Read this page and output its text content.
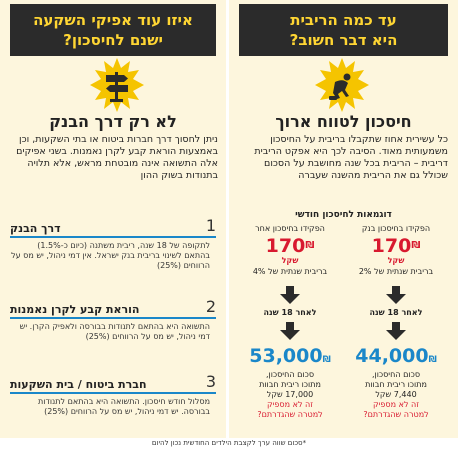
עד כמה הריבית
היא דבר חשוב?
חיסכון לטווח ארוך
כל עשירית אחוז שתקבלו בריבית על החיסכון משמעותית מאוד. הסיבה לכך היא אפקט הריבית דריבית – הריבית בכל שנה מחושבת על הסכום שכולל גם את הריבית מהשנה שעברה
דוגמאות לחיסכון חודשי
הפקידו בחיסכון בנק
170₪
שקל
בריבית שנתית של 2%
לאחר 18 שנה
44,000₪
סכום החיסכון,
מתוכו ריבית חבוות
7,440 שקל
זה לא מספיק
למטרה שהגדרתם?
הפקידו בחיסכון אחר
170₪
שקל
בריבית שנתית של 4%
לאחר 18 שנה
53,000₪
סכום החיסכון,
מתוכו ריבית חבוות
17,000 שקל
זה לא מספיק
למטרה שהגדרתם?
איזו עוד אפיקי השקעה
ישנם לחיסכון?
לא רק דרך הבנק
ניתן לחסוך דרך חברות ביטוח או בתי השקעות, וכן באמצעות הוראת קבע לקרן נאמנות. בשני אפיקים אלה התשואה אינה מובטחת מראש, אלא תלויה בתנודות בשוק ההון
1
דרך הבנק
לתקופה של 18 שנה, ריבית משתנה (כיום כ-1.5%) בהתאם לשינוי בריבית בנק ישראל. אין דמי ניהול, יש מס על הרווחים (25%)
2
הוראת קבע לקרן נאמנות
התשואה היא בהתאם לתנודות בבורסה ולאפיק הקרן. יש דמי ניהול, יש מס על הרווחים (25%)
3
חברת ביטוח / בית השקעות
מסלול חודש חיסכון. התשואה היא בהתאם לתנודות בבורסה. יש דמי ניהול, יש מס על הרווחים (25%)
*סכום שווה ערך לקצבת הילדים החודשית נכון להיום
